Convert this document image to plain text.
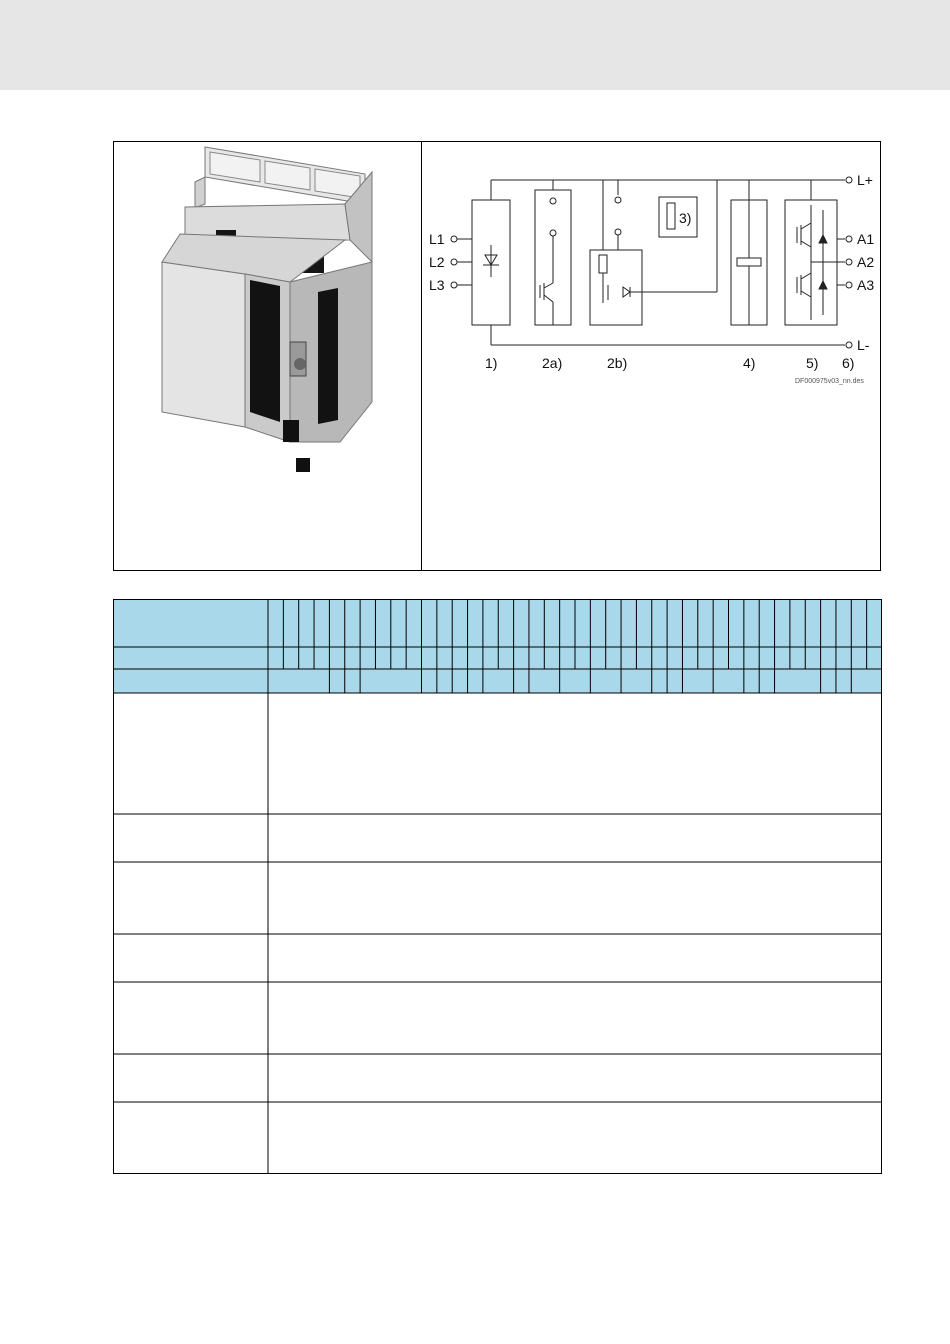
L+
L-
L1
L2
L3
A1
A2
A3
1)	2a)	2b)
3)
4)	5) 6)
DF000975v03_nn.des
